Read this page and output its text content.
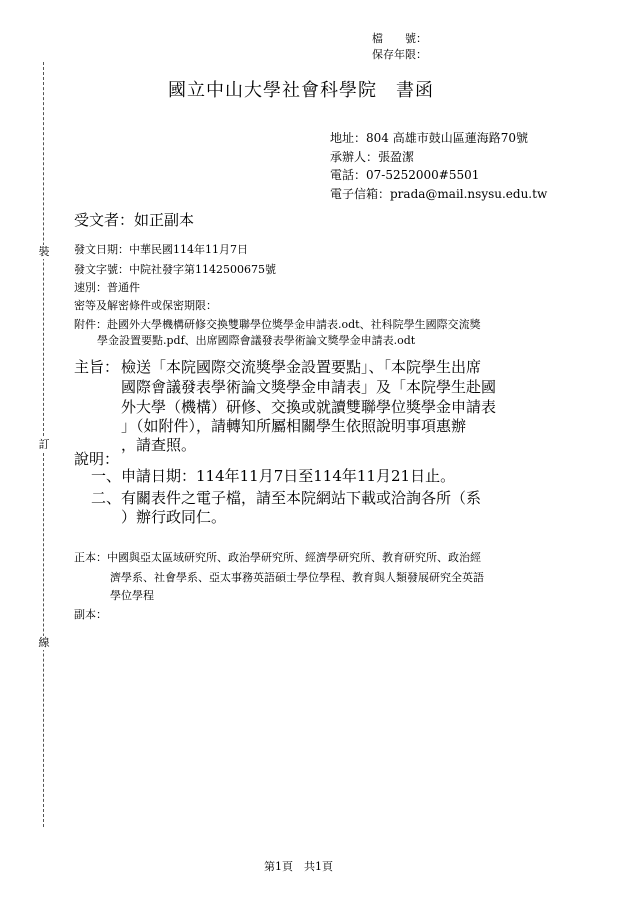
檔　　號：
保存年限：
裝
訂
線
國立中山大學社會科學院　書函
地址：804 高雄市鼓山區蓮海路70號
承辦人：張盈潔
電話：07-5252000#5501
電子信箱：prada@mail.nsysu.edu.tw
受文者：如正副本
發文日期：中華民國114年11月7日
發文字號：中院社發字第1142500675號
速別：普通件
密等及解密條件或保密期限：
附件：赴國外大學機構研修交換雙聯學位獎學金申請表.odt、社科院學生國際交流獎
學金設置要點.pdf、出席國際會議發表學術論文獎學金申請表.odt
主旨： 檢送「本院國際交流獎學金設置要點」、「本院學生出席
國際會議發表學術論文獎學金申請表」及「本院學生赴國
外大學（機構）研修、交換或就讀雙聯學位獎學金申請表
」（如附件），請轉知所屬相關學生依照說明事項惠辦
，請查照。
說明：
一、申請日期：114年11月7日至114年11月21日止。
二、有關表件之電子檔，請至本院網站下載或洽詢各所（系
）辦行政同仁。
正本：中國與亞太區域研究所、政治學研究所、經濟學研究所、教育研究所、政治經
濟學系、社會學系、亞太事務英語碩士學位學程、教育與人類發展研究全英語
學位學程
副本：
第1頁　共1頁
